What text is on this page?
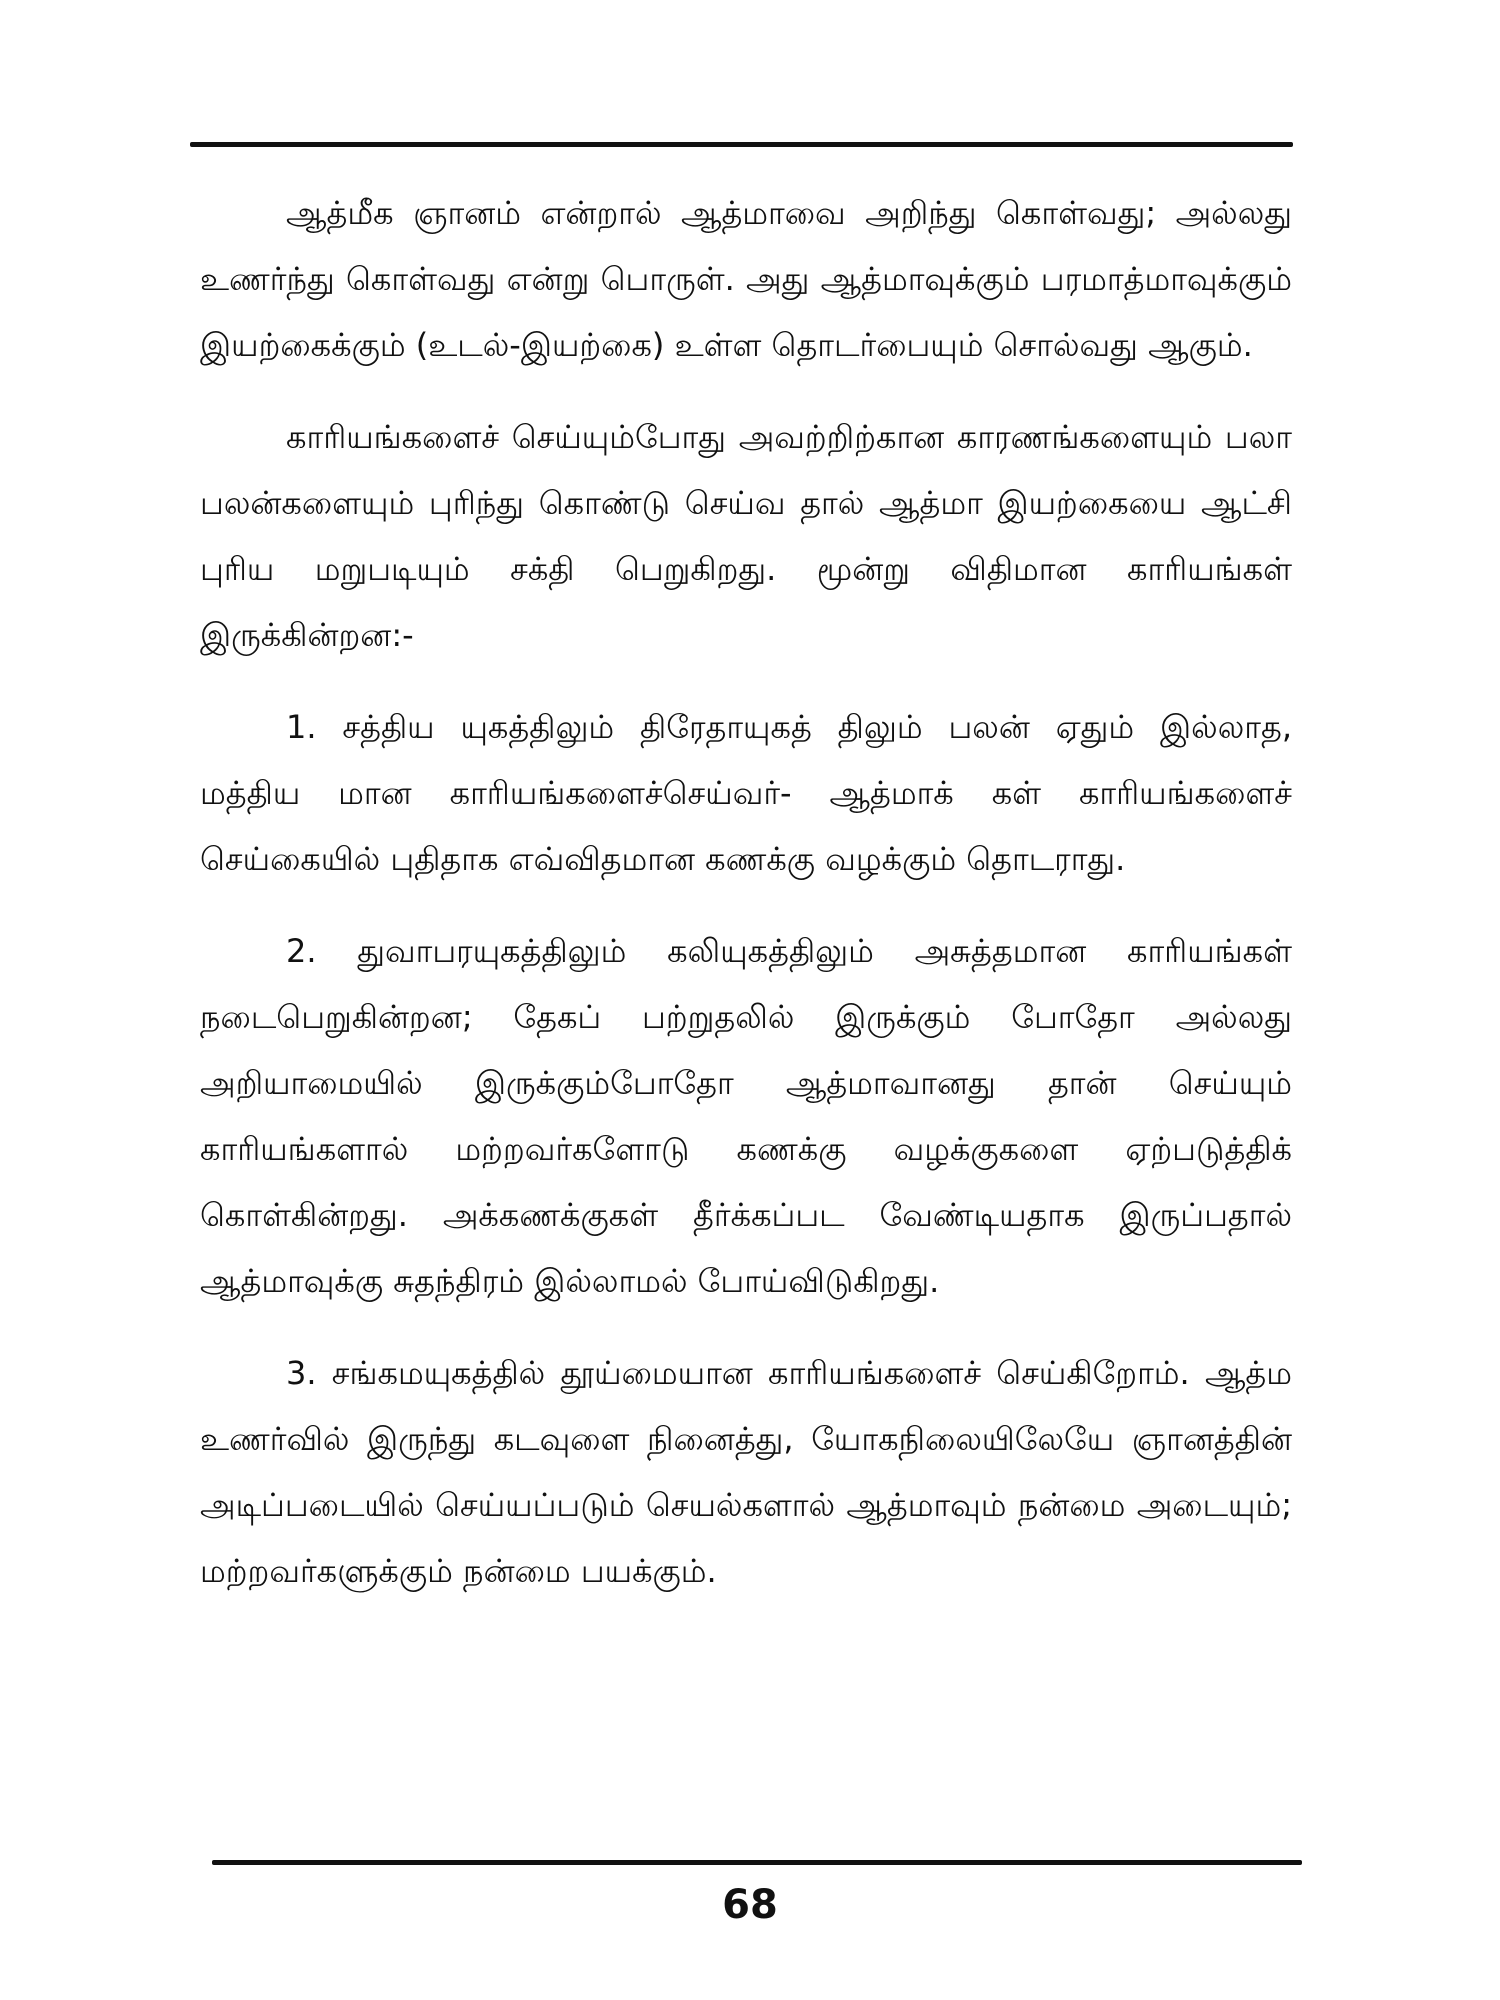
ஆத்மீக ஞானம் என்றால் ஆத்மாவை அறிந்து கொள்வது; அல்லது உணர்ந்து கொள்வது என்று பொருள். அது ஆத்மாவுக்கும் பரமாத்மாவுக்கும் இயற்கைக்கும் (உடல்-இயற்கை) உள்ள தொடர்பையும் சொல்வது ஆகும்.

காரியங்களைச் செய்யும்போது அவற்றிற்கான காரணங்களையும் பலா பலன்களையும் புரிந்து கொண்டு செய்வ தால் ஆத்மா இயற்கையை ஆட்சி புரிய மறுபடியும் சக்தி பெறுகிறது. மூன்று விதிமான காரியங்கள் இருக்கின்றன:-

1. சத்திய யுகத்திலும் திரேதாயுகத் திலும் பலன் ஏதும் இல்லாத, மத்திய மான காரியங்களைச்செய்வர்- ஆத்மாக் கள் காரியங்களைச் செய்கையில் புதிதாக எவ்விதமான கணக்கு வழக்கும் தொடராது.

2. துவாபரயுகத்திலும் கலியுகத்திலும் அசுத்தமான காரியங்கள் நடைபெறுகின்றன; தேகப் பற்றுதலில் இருக்கும் போதோ அல்லது அறியாமையில் இருக்கும்போதோ ஆத்மாவானது தான் செய்யும் காரியங்களால் மற்றவர்களோடு கணக்கு வழக்குகளை ஏற்படுத்திக் கொள்கின்றது. அக்கணக்குகள் தீர்க்கப்பட வேண்டியதாக இருப்பதால் ஆத்மாவுக்கு சுதந்திரம் இல்லாமல் போய்விடுகிறது.

3. சங்கமயுகத்தில் தூய்மையான காரியங்களைச் செய்கிறோம். ஆத்ம உணர்வில் இருந்து கடவுளை நினைத்து, யோகநிலையிலேயே ஞானத்தின் அடிப்படையில் செய்யப்படும் செயல்களால் ஆத்மாவும் நன்மை அடையும்; மற்றவர்களுக்கும் நன்மை பயக்கும்.

68
